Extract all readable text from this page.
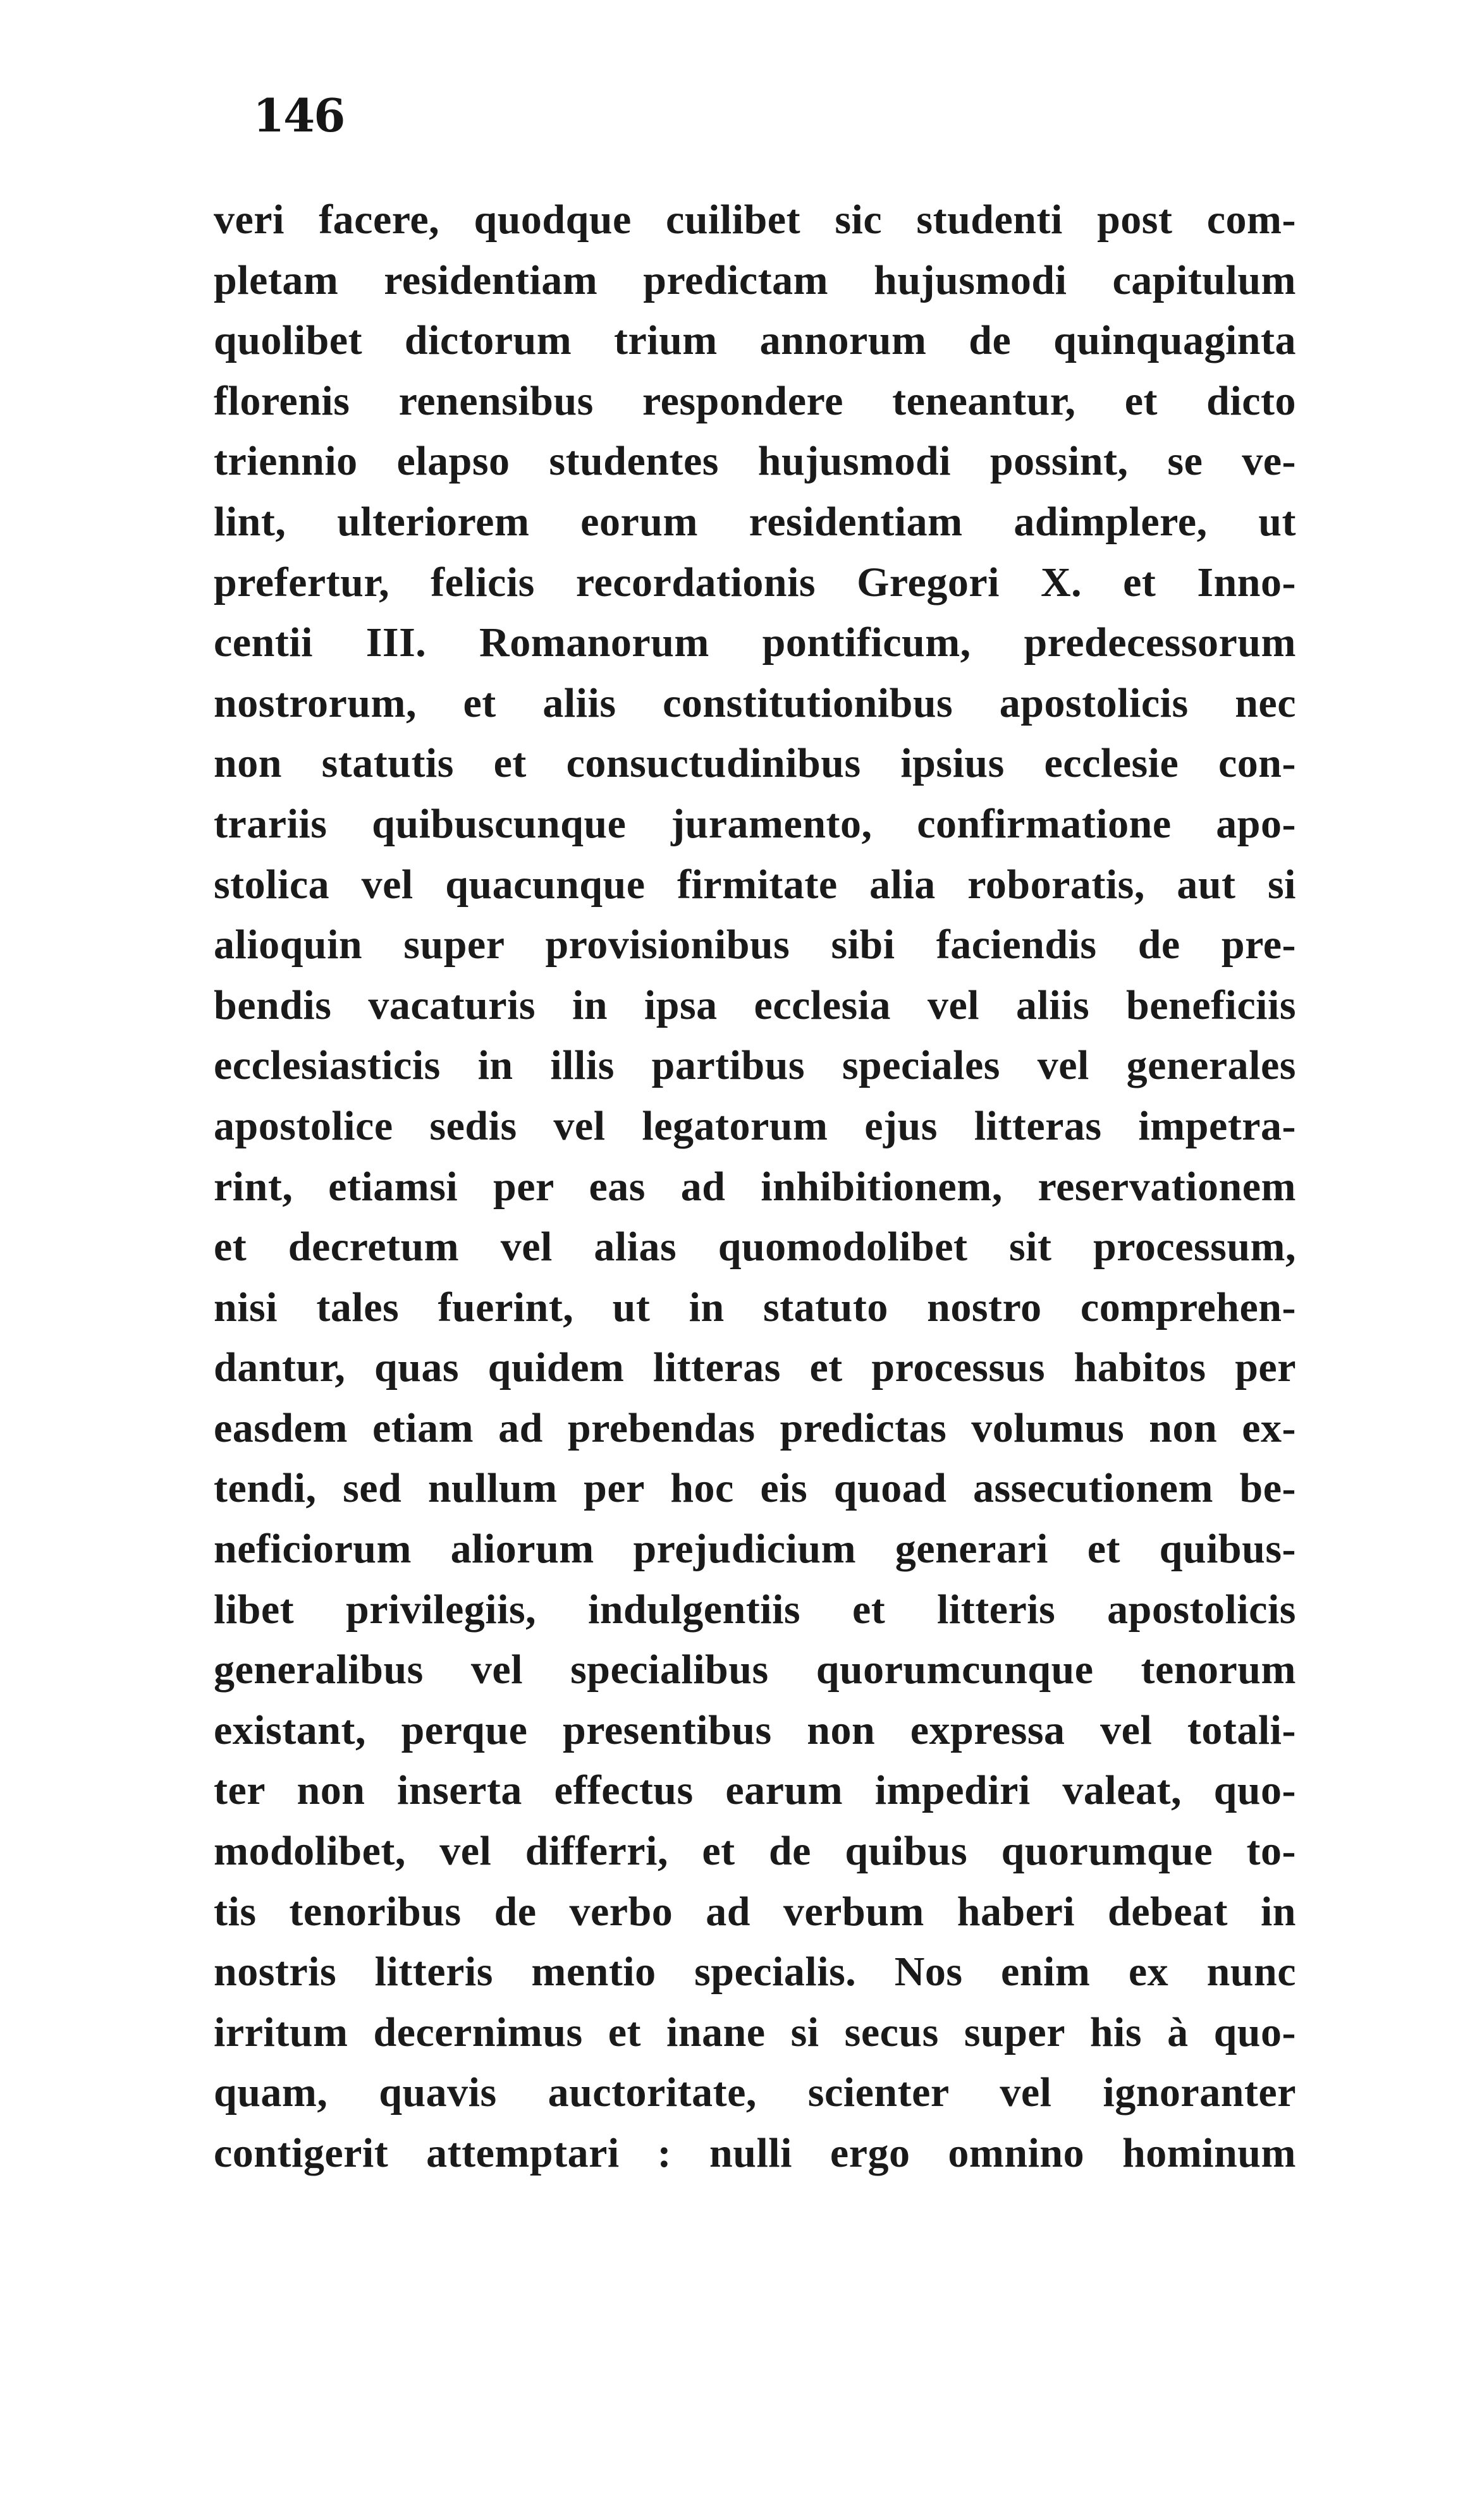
146
veri facere, quodque cuilibet sic studenti post com-
pletam residentiam predictam hujusmodi capitulum
quolibet dictorum trium annorum de quinquaginta
florenis renensibus respondere teneantur, et dicto
triennio elapso studentes hujusmodi possint, se ve-
lint, ulteriorem eorum residentiam adimplere, ut
prefertur, felicis recordationis Gregori X. et Inno-
centii III. Romanorum pontificum, predecessorum
nostrorum, et aliis constitutionibus apostolicis nec
non statutis et consuctudinibus ipsius ecclesie con-
trariis quibuscunque juramento, confirmatione apo-
stolica vel quacunque firmitate alia roboratis, aut si
alioquin super provisionibus sibi faciendis de pre-
bendis vacaturis in ipsa ecclesia vel aliis beneficiis
ecclesiasticis in illis partibus speciales vel generales
apostolice sedis vel legatorum ejus litteras impetra-
rint, etiamsi per eas ad inhibitionem, reservationem
et decretum vel alias quomodolibet sit processum,
nisi tales fuerint, ut in statuto nostro comprehen-
dantur, quas quidem litteras et processus habitos per
easdem etiam ad prebendas predictas volumus non ex-
tendi, sed nullum per hoc eis quoad assecutionem be-
neficiorum aliorum prejudicium generari et quibus-
libet privilegiis, indulgentiis et litteris apostolicis
generalibus vel specialibus quorumcunque tenorum
existant, perque presentibus non expressa vel totali-
ter non inserta effectus earum impediri valeat, quo-
modolibet, vel differri, et de quibus quorumque to-
tis tenoribus de verbo ad verbum haberi debeat in
nostris litteris mentio specialis. Nos enim ex nunc
irritum decernimus et inane si secus super his à quo-
quam, quavis auctoritate, scienter vel ignoranter
contigerit attemptari : nulli ergo omnino hominum
